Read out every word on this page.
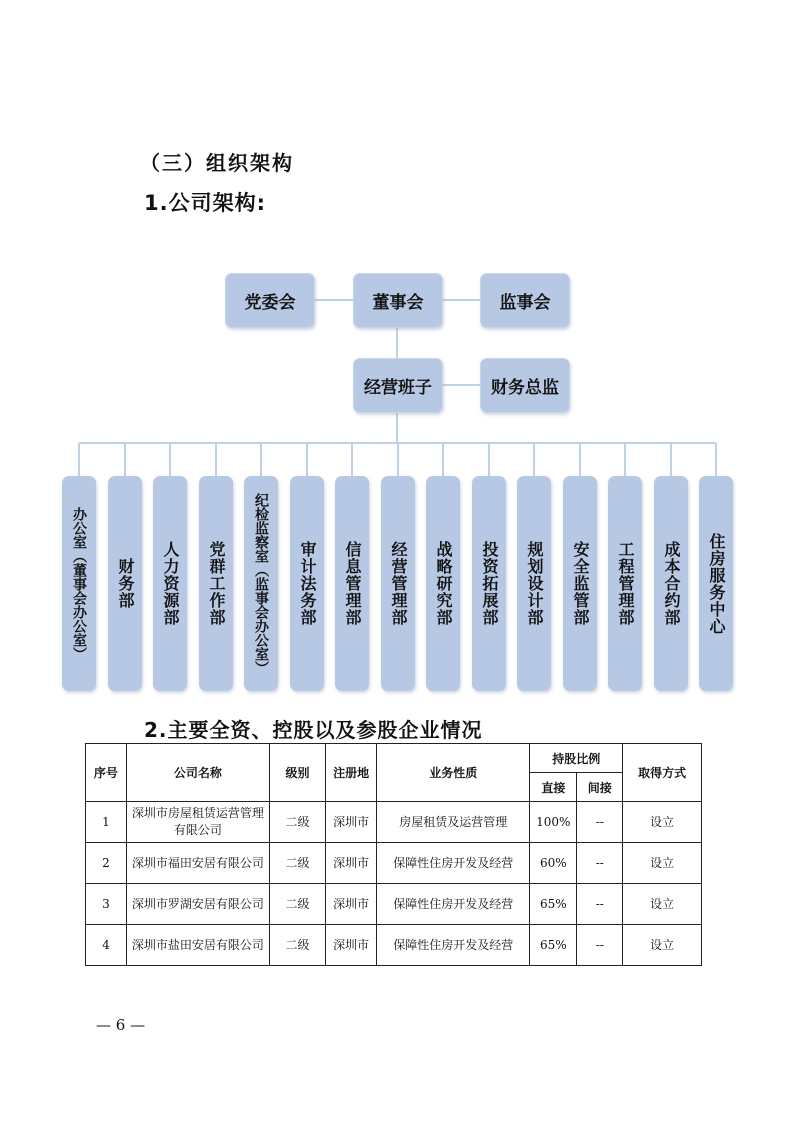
（三）组织架构
1.公司架构:
党委会	董事会	监事会
经营班子	财务总监
办公室（董事会办公室） 财务部 人力资源部 党群工作部 纪检监察室（监事会办公室） 审计法务部 信息管理部 经营管理部 战略研究部 投资拓展部 规划设计部 安全监管部 工程管理部 成本合约部 住房服务中心
2.主要全资、控股以及参股企业情况
序号	公司名称	级别	注册地	业务性质	持股比例		取得方式
					直接	间接	
1	深圳市房屋租赁运营管理有限公司	二级	深圳市	房屋租赁及运营管理	100%	--	设立
2	深圳市福田安居有限公司	二级	深圳市	保障性住房开发及经营	60%	--	设立
3	深圳市罗湖安居有限公司	二级	深圳市	保障性住房开发及经营	65%	--	设立
4	深圳市盐田安居有限公司	二级	深圳市	保障性住房开发及经营	65%	--	设立
— 6 —
